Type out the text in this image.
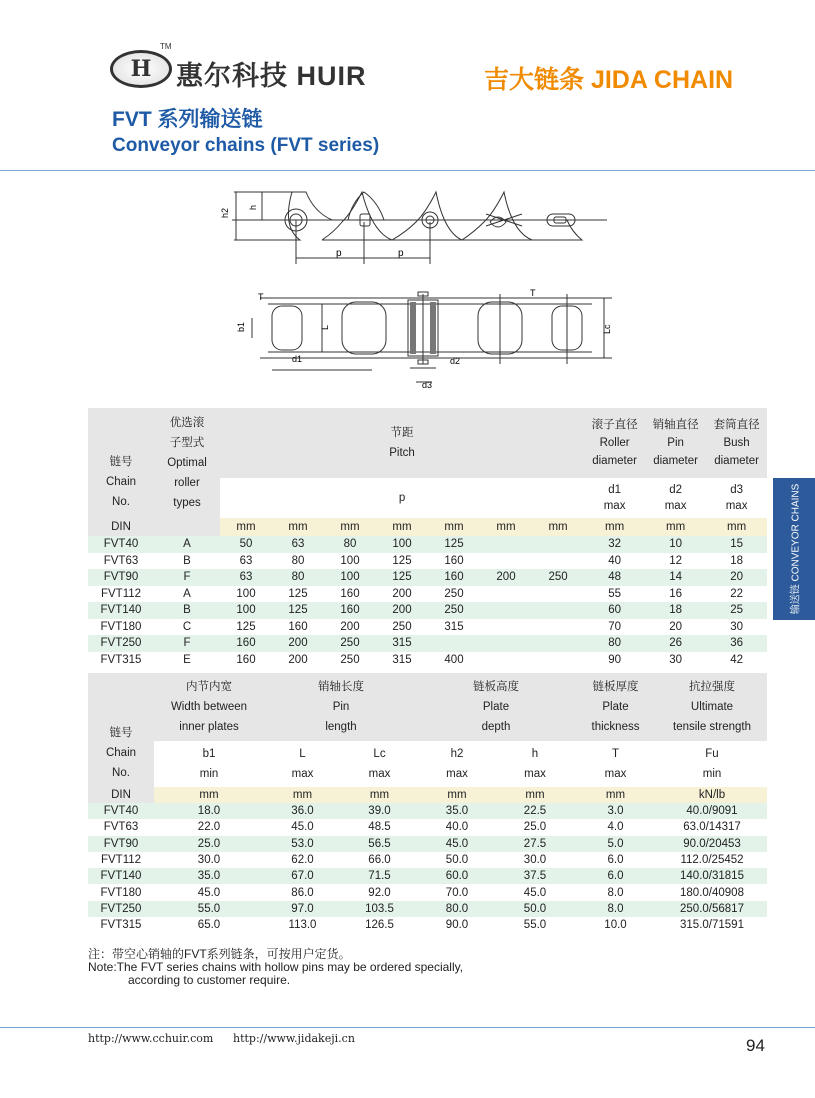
H
TM
惠尔科技 HUIR	吉大链条 JIDA CHAIN
FVT 系列输送链
Conveyor chains (FVT series)
h2
h
p	p
T	T
b1	L	Lc
d1	d2
d3
链号
Chain
No.	优选滚
子型式
Optimal
roller
types	节距
Pitch							滚子直径
Roller
diameter	销轴直径
Pin
diameter	套筒直径
Bush
diameter
		p							d1
max	d2
max	d3
max
DIN		mm	mm	mm	mm	mm	mm	mm	mm	mm	mm
FVT40	A	50	63	80	100	125			32	10	15
FVT63	B	63	80	100	125	160			40	12	18
FVT90	F	63	80	100	125	160	200	250	48	14	20
FVT112	A	100	125	160	200	250			55	16	22
FVT140	B	100	125	160	200	250			60	18	25
FVT180	C	125	160	200	250	315			70	20	30
FVT250	F	160	200	250	315				80	26	36
FVT315	E	160	200	250	315	400			90	30	42
链号
Chain
No.	内节内宽
Width between
inner plates	销轴长度
Pin
length		链板高度
Plate
depth		链板厚度
Plate
thickness	抗拉强度
Ultimate
tensile strength
	b1
min	L
max	Lc
max	h2
max	h
max	T
max	Fu
min
DIN	mm	mm	mm	mm	mm	mm	kN/lb
FVT40	18.0	36.0	39.0	35.0	22.5	3.0	40.0/9091
FVT63	22.0	45.0	48.5	40.0	25.0	4.0	63.0/14317
FVT90	25.0	53.0	56.5	45.0	27.5	5.0	90.0/20453
FVT112	30.0	62.0	66.0	50.0	30.0	6.0	112.0/25452
FVT140	35.0	67.0	71.5	60.0	37.5	6.0	140.0/31815
FVT180	45.0	86.0	92.0	70.0	45.0	8.0	180.0/40908
FVT250	55.0	97.0	103.5	80.0	50.0	8.0	250.0/56817
FVT315	65.0	113.0	126.5	90.0	55.0	10.0	315.0/71591
注：带空心销轴的FVT系列链条，可按用户定货。
Note:The FVT series chains with hollow pins may be ordered specially,
according to customer require.
http://www.cchuir.com http://www.jidakeji.cn	94
输送链 CONVEYOR CHAINS
